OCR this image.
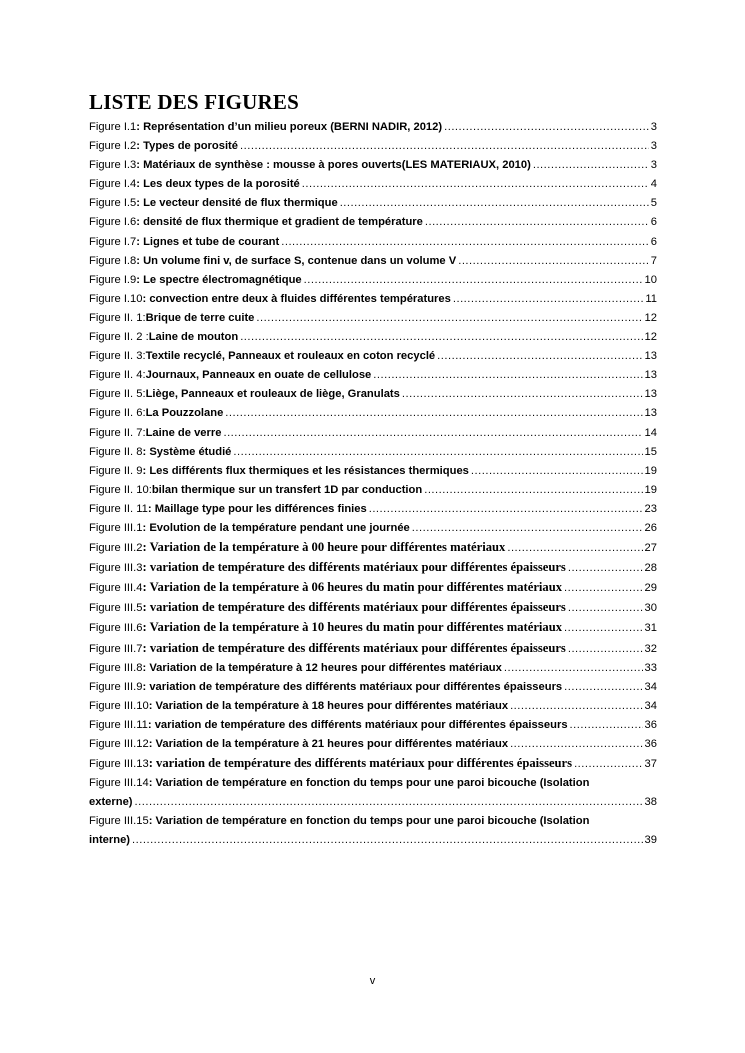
LISTE DES FIGURES
Figure I.1 : Représentation d’un milieu poreux (BERNI NADIR, 2012) .....	3
Figure I.2 : Types de porosité .....	3
Figure I.3 : Matériaux de synthèse : mousse à pores ouverts(LES MATERIAUX, 2010) .....	3
Figure I.4 : Les deux types de la porosité .....	4
Figure I.5 : Le vecteur densité de flux thermique .....	5
Figure I.6 : densité de flux thermique et gradient de température .....	6
Figure I.7 : Lignes et tube de courant .....	6
Figure I.8 : Un volume fini v, de surface S, contenue dans un volume V .....	7
Figure I.9 : Le spectre électromagnétique .....	10
Figure I.10 : convection entre deux à fluides différentes températures .....	11
Figure II. 1: Brique de terre cuite .....	12
Figure II. 2 : Laine de mouton .....	12
Figure II. 3: Textile recyclé, Panneaux et rouleaux en coton recyclé .....	13
Figure II. 4: Journaux, Panneaux en ouate de cellulose .....	13
Figure II. 5: Liège, Panneaux et rouleaux de liège, Granulats .....	13
Figure II. 6: La Pouzzolane .....	13
Figure II. 7: Laine de verre .....	14
Figure II. 8 : Système étudié .....	15
Figure II. 9 : Les différents flux thermiques et les résistances thermiques .....	19
Figure II. 10: bilan thermique sur un transfert 1D par conduction .....	19
Figure II. 11 : Maillage type pour les différences finies .....	23
Figure III.1 : Evolution de la température pendant une journée .....	26
Figure III.2 : Variation de la température à 00 heure pour différentes matériaux .....	27
Figure III.3 : variation de température des différents matériaux pour différentes épaisseurs .....	28
Figure III.4 : Variation de la température à 06 heures du matin pour différentes matériaux .....	29
Figure III.5 : variation de température des différents matériaux pour différentes épaisseurs .....	30
Figure III.6 : Variation de la température à 10 heures du matin pour différentes matériaux .....	31
Figure III.7 : variation de température des différents matériaux pour différentes épaisseurs .....	32
Figure III.8 : Variation de la température à 12 heures pour différentes matériaux .....	33
Figure III.9 : variation de température des différents matériaux pour différentes épaisseurs .....	34
Figure III.10 : Variation de la température à 18 heures pour différentes matériaux .....	34
Figure III.11 : variation de température des différents matériaux pour différentes épaisseurs .....	36
Figure III.12 : Variation de la température à 21 heures pour différentes matériaux .....	36
Figure III.13 : variation de température des différents matériaux pour différentes épaisseurs .....	37
Figure III.14 : Variation de température en fonction du temps pour une paroi bicouche (Isolation
externe) .....	38
Figure III.15 : Variation de température en fonction du temps pour une paroi bicouche (Isolation
interne) .....	39
v
